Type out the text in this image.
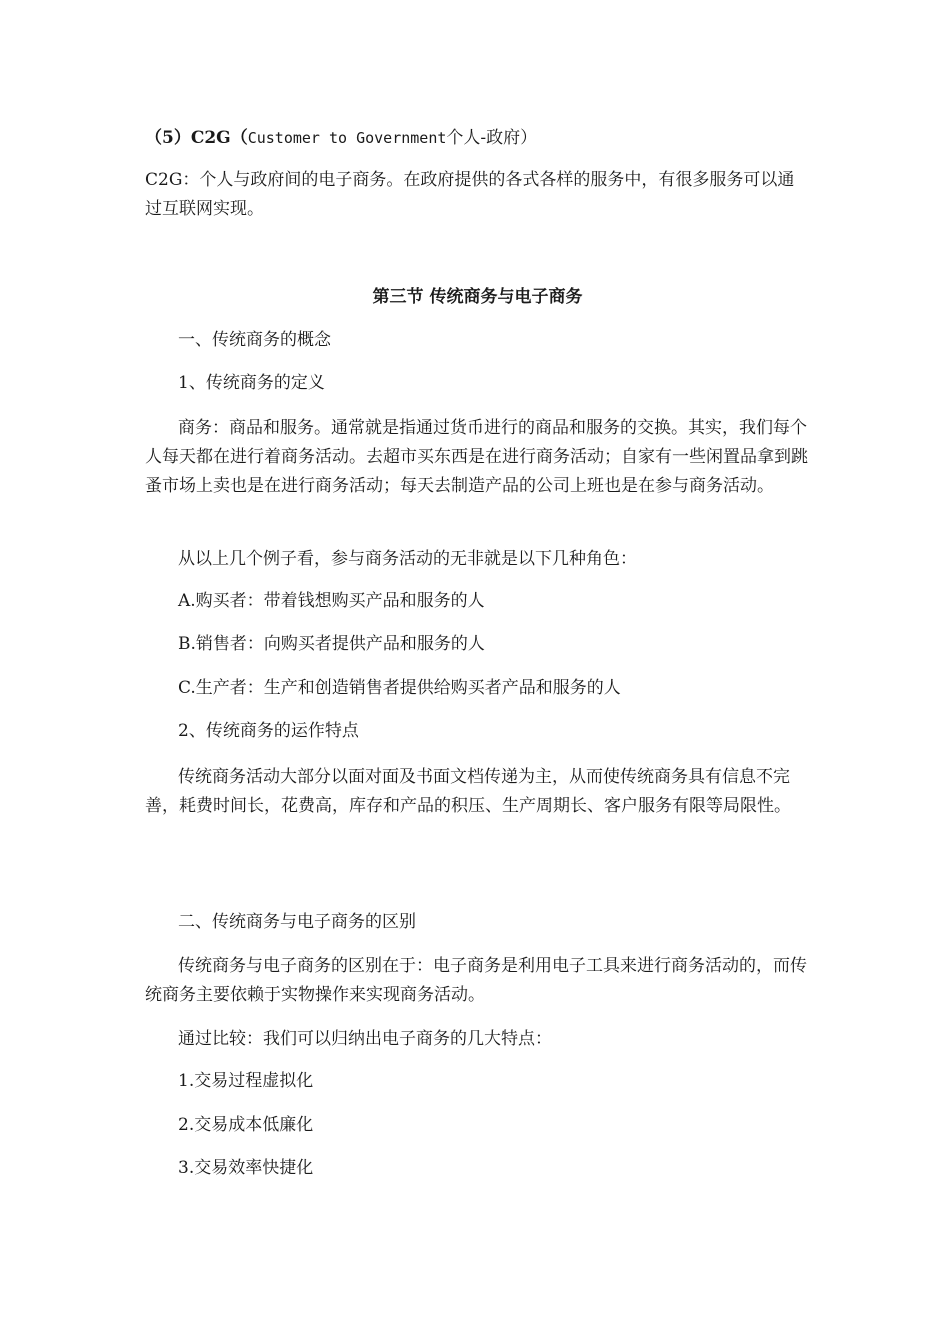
（5）C2G（Customer to Government个人-政府）
C2G：个人与政府间的电子商务。在政府提供的各式各样的服务中，有很多服务可以通过互联网实现。
第三节 传统商务与电子商务
一、传统商务的概念
1、传统商务的定义
商务：商品和服务。通常就是指通过货币进行的商品和服务的交换。其实，我们每个人每天都在进行着商务活动。去超市买东西是在进行商务活动；自家有一些闲置品拿到跳蚤市场上卖也是在进行商务活动；每天去制造产品的公司上班也是在参与商务活动。
从以上几个例子看，参与商务活动的无非就是以下几种角色：
A.购买者：带着钱想购买产品和服务的人
B.销售者：向购买者提供产品和服务的人
C.生产者：生产和创造销售者提供给购买者产品和服务的人
2、传统商务的运作特点
传统商务活动大部分以面对面及书面文档传递为主，从而使传统商务具有信息不完善，耗费时间长，花费高，库存和产品的积压、生产周期长、客户服务有限等局限性。
二、传统商务与电子商务的区别
传统商务与电子商务的区别在于：电子商务是利用电子工具来进行商务活动的，而传统商务主要依赖于实物操作来实现商务活动。
通过比较：我们可以归纳出电子商务的几大特点：
1.交易过程虚拟化
2.交易成本低廉化
3.交易效率快捷化
